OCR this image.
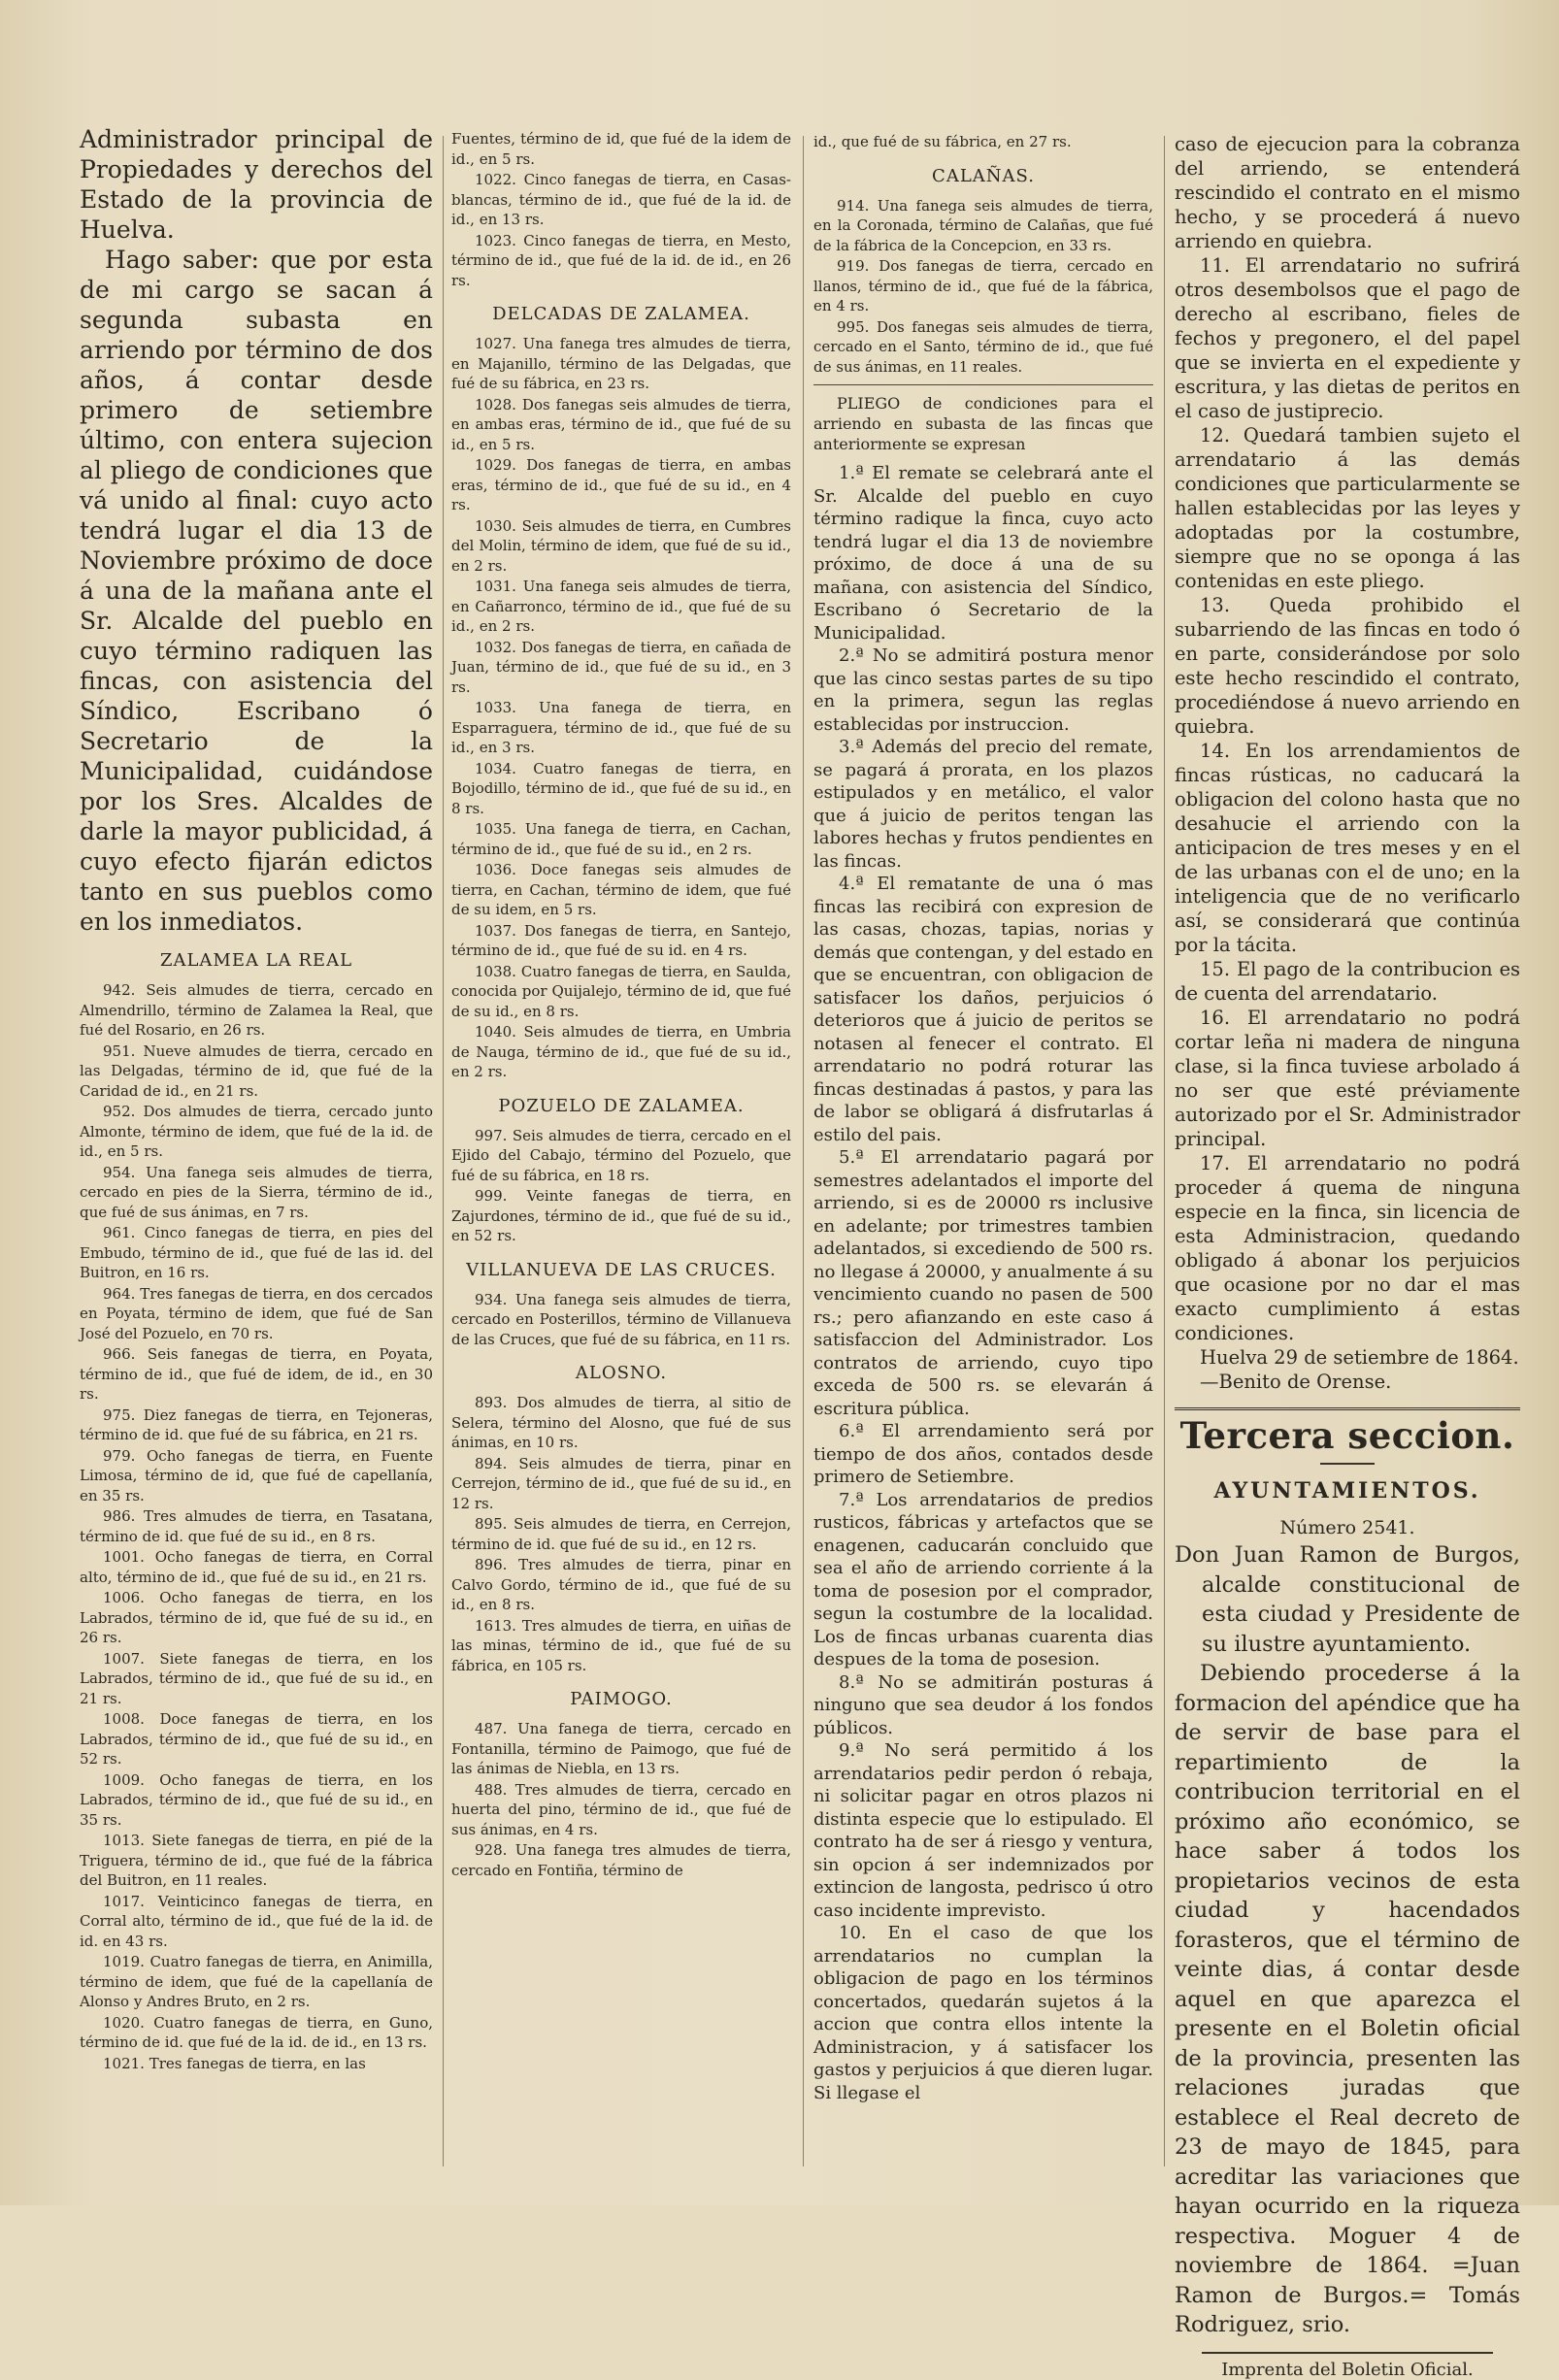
Administrador principal de Propiedades y derechos del Estado de la provincia de Huelva.

Hago saber: que por esta de mi cargo se sacan á segunda subasta en arriendo por término de dos años, á contar desde primero de setiembre último, con entera sujecion al pliego de condiciones que vá unido al final: cuyo acto tendrá lugar el dia 13 de Noviembre próximo de doce á una de la mañana ante el Sr. Alcalde del pueblo en cuyo término radiquen las fincas, con asistencia del Síndico, Escribano ó Secretario de la Municipalidad, cuidándose por los Sres. Alcaldes de darle la mayor publicidad, á cuyo efecto fijarán edictos tanto en sus pueblos como en los inmediatos.

ZALAMEA LA REAL

942. Seis almudes de tierra, cercado en Almendrillo, término de Zalamea la Real, que fué del Rosario, en 26 rs.

951. Nueve almudes de tierra, cercado en las Delgadas, término de id, que fué de la Caridad de id., en 21 rs.

952. Dos almudes de tierra, cercado junto Almonte, término de idem, que fué de la id. de id., en 5 rs.

954. Una fanega seis almudes de tierra, cercado en pies de la Sierra, término de id., que fué de sus ánimas, en 7 rs.

961. Cinco fanegas de tierra, en pies del Embudo, término de id., que fué de las id. del Buitron, en 16 rs.

964. Tres fanegas de tierra, en dos cercados en Poyata, término de idem, que fué de San José del Pozuelo, en 70 rs.

966. Seis fanegas de tierra, en Poyata, término de id., que fué de idem, de id., en 30 rs.

975. Diez fanegas de tierra, en Tejoneras, término de id. que fué de su fábrica, en 21 rs.

979. Ocho fanegas de tierra, en Fuente Limosa, término de id, que fué de capellanía, en 35 rs.

986. Tres almudes de tierra, en Tasatana, término de id. que fué de su id., en 8 rs.

1001. Ocho fanegas de tierra, en Corral alto, término de id., que fué de su id., en 21 rs.

1006. Ocho fanegas de tierra, en los Labrados, término de id, que fué de su id., en 26 rs.

1007. Siete fanegas de tierra, en los Labrados, término de id., que fué de su id., en 21 rs.

1008. Doce fanegas de tierra, en los Labrados, término de id., que fué de su id., en 52 rs.

1009. Ocho fanegas de tierra, en los Labrados, término de id., que fué de su id., en 35 rs.

1013. Siete fanegas de tierra, en pié de la Triguera, término de id., que fué de la fábrica del Buitron, en 11 reales.

1017. Veinticinco fanegas de tierra, en Corral alto, término de id., que fué de la id. de id. en 43 rs.

1019. Cuatro fanegas de tierra, en Animilla, término de idem, que fué de la capellanía de Alonso y Andres Bruto, en 2 rs.

1020. Cuatro fanegas de tierra, en Guno, término de id. que fué de la id. de id., en 13 rs.

1021. Tres fanegas de tierra, en las

Fuentes, término de id, que fué de la idem de id., en 5 rs.

1022. Cinco fanegas de tierra, en Casas-blancas, término de id., que fué de la id. de id., en 13 rs.

1023. Cinco fanegas de tierra, en Mesto, término de id., que fué de la id. de id., en 26 rs.

DELCADAS DE ZALAMEA.

1027. Una fanega tres almudes de tierra, en Majanillo, término de las Delgadas, que fué de su fábrica, en 23 rs.

1028. Dos fanegas seis almudes de tierra, en ambas eras, término de id., que fué de su id., en 5 rs.

1029. Dos fanegas de tierra, en ambas eras, término de id., que fué de su id., en 4 rs.

1030. Seis almudes de tierra, en Cumbres del Molin, término de idem, que fué de su id., en 2 rs.

1031. Una fanega seis almudes de tierra, en Cañarronco, término de id., que fué de su id., en 2 rs.

1032. Dos fanegas de tierra, en cañada de Juan, término de id., que fué de su id., en 3 rs.

1033. Una fanega de tierra, en Esparraguera, término de id., que fué de su id., en 3 rs.

1034. Cuatro fanegas de tierra, en Bojodillo, término de id., que fué de su id., en 8 rs.

1035. Una fanega de tierra, en Cachan, término de id., que fué de su id., en 2 rs.

1036. Doce fanegas seis almudes de tierra, en Cachan, término de idem, que fué de su idem, en 5 rs.

1037. Dos fanegas de tierra, en Santejo, término de id., que fué de su id. en 4 rs.

1038. Cuatro fanegas de tierra, en Saulda, conocida por Quijalejo, término de id, que fué de su id., en 8 rs.

1040. Seis almudes de tierra, en Umbria de Nauga, término de id., que fué de su id., en 2 rs.

POZUELO DE ZALAMEA.

997. Seis almudes de tierra, cercado en el Ejido del Cabajo, término del Pozuelo, que fué de su fábrica, en 18 rs.

999. Veinte fanegas de tierra, en Zajurdones, término de id., que fué de su id., en 52 rs.

VILLANUEVA DE LAS CRUCES.

934. Una fanega seis almudes de tierra, cercado en Posterillos, término de Villanueva de las Cruces, que fué de su fábrica, en 11 rs.

ALOSNO.

893. Dos almudes de tierra, al sitio de Selera, término del Alosno, que fué de sus ánimas, en 10 rs.

894. Seis almudes de tierra, pinar en Cerrejon, término de id., que fué de su id., en 12 rs.

895. Seis almudes de tierra, en Cerrejon, término de id. que fué de su id., en 12 rs.

896. Tres almudes de tierra, pinar en Calvo Gordo, término de id., que fué de su id., en 8 rs.

1613. Tres almudes de tierra, en uiñas de las minas, término de id., que fué de su fábrica, en 105 rs.

PAIMOGO.

487. Una fanega de tierra, cercado en Fontanilla, término de Paimogo, que fué de las ánimas de Niebla, en 13 rs.

488. Tres almudes de tierra, cercado en huerta del pino, término de id., que fué de sus ánimas, en 4 rs.

928. Una fanega tres almudes de tierra, cercado en Fontiña, término de

id., que fué de su fábrica, en 27 rs.

CALAÑAS.

914. Una fanega seis almudes de tierra, en la Coronada, término de Calañas, que fué de la fábrica de la Concepcion, en 33 rs.

919. Dos fanegas de tierra, cercado en llanos, término de id., que fué de la fábrica, en 4 rs.

995. Dos fanegas seis almudes de tierra, cercado en el Santo, término de id., que fué de sus ánimas, en 11 reales.

PLIEGO de condiciones para el arriendo en subasta de las fincas que anteriormente se expresan

1.ª El remate se celebrará ante el Sr. Alcalde del pueblo en cuyo término radique la finca, cuyo acto tendrá lugar el dia 13 de noviembre próximo, de doce á una de su mañana, con asistencia del Síndico, Escribano ó Secretario de la Municipalidad.

2.ª No se admitirá postura menor que las cinco sestas partes de su tipo en la primera, segun las reglas establecidas por instruccion.

3.ª Además del precio del remate, se pagará á prorata, en los plazos estipulados y en metálico, el valor que á juicio de peritos tengan las labores hechas y frutos pendientes en las fincas.

4.ª El rematante de una ó mas fincas las recibirá con expresion de las casas, chozas, tapias, norias y demás que contengan, y del estado en que se encuentran, con obligacion de satisfacer los daños, perjuicios ó deterioros que á juicio de peritos se notasen al fenecer el contrato. El arrendatario no podrá roturar las fincas destinadas á pastos, y para las de labor se obligará á disfrutarlas á estilo del pais.

5.ª El arrendatario pagará por semestres adelantados el importe del arriendo, si es de 20000 rs inclusive en adelante; por trimestres tambien adelantados, si excediendo de 500 rs. no llegase á 20000, y anualmente á su vencimiento cuando no pasen de 500 rs.; pero afianzando en este caso á satisfaccion del Administrador. Los contratos de arriendo, cuyo tipo exceda de 500 rs. se elevarán á escritura pública.

6.ª El arrendamiento será por tiempo de dos años, contados desde primero de Setiembre.

7.ª Los arrendatarios de predios rusticos, fábricas y artefactos que se enagenen, caducarán concluido que sea el año de arriendo corriente á la toma de posesion por el comprador, segun la costumbre de la localidad. Los de fincas urbanas cuarenta dias despues de la toma de posesion.

8.ª No se admitirán posturas á ninguno que sea deudor á los fondos públicos.

9.ª No será permitido á los arrendatarios pedir perdon ó rebaja, ni solicitar pagar en otros plazos ni distinta especie que lo estipulado. El contrato ha de ser á riesgo y ventura, sin opcion á ser indemnizados por extincion de langosta, pedrisco ú otro caso incidente imprevisto.

10. En el caso de que los arrendatarios no cumplan la obligacion de pago en los términos concertados, quedarán sujetos á la accion que contra ellos intente la Administracion, y á satisfacer los gastos y perjuicios á que dieren lugar. Si llegase el

caso de ejecucion para la cobranza del arriendo, se entenderá rescindido el contrato en el mismo hecho, y se procederá á nuevo arriendo en quiebra.

11. El arrendatario no sufrirá otros desembolsos que el pago de derecho al escribano, fieles de fechos y pregonero, el del papel que se invierta en el expediente y escritura, y las dietas de peritos en el caso de justiprecio.

12. Quedará tambien sujeto el arrendatario á las demás condiciones que particularmente se hallen establecidas por las leyes y adoptadas por la costumbre, siempre que no se oponga á las contenidas en este pliego.

13. Queda prohibido el subarriendo de las fincas en todo ó en parte, considerándose por solo este hecho rescindido el contrato, procediéndose á nuevo arriendo en quiebra.

14. En los arrendamientos de fincas rústicas, no caducará la obligacion del colono hasta que no desahucie el arriendo con la anticipacion de tres meses y en el de las urbanas con el de uno; en la inteligencia que de no verificarlo así, se considerará que continúa por la tácita.

15. El pago de la contribucion es de cuenta del arrendatario.

16. El arrendatario no podrá cortar leña ni madera de ninguna clase, si la finca tuviese arbolado á no ser que esté préviamente autorizado por el Sr. Administrador principal.

17. El arrendatario no podrá proceder á quema de ninguna especie en la finca, sin licencia de esta Administracion, quedando obligado á abonar los perjuicios que ocasione por no dar el mas exacto cumplimiento á estas condiciones.

Huelva 29 de setiembre de 1864.

—Benito de Orense.

Tercera seccion.
AYUNTAMIENTOS.
Número 2541.

Don Juan Ramon de Burgos, alcalde constitucional de esta ciudad y Presidente de su ilustre ayuntamiento.

Debiendo procederse á la formacion del apéndice que ha de servir de base para el repartimiento de la contribucion territorial en el próximo año económico, se hace saber á todos los propietarios vecinos de esta ciudad y hacendados forasteros, que el término de veinte dias, á contar desde aquel en que aparezca el presente en el Boletin oficial de la provincia, presenten las relaciones juradas que establece el Real decreto de 23 de mayo de 1845, para acreditar las variaciones que hayan ocurrido en la riqueza respectiva. Moguer 4 de noviembre de 1864. =Juan Ramon de Burgos.= Tomás Rodriguez, srio.

Imprenta del Boletin Oficial.
